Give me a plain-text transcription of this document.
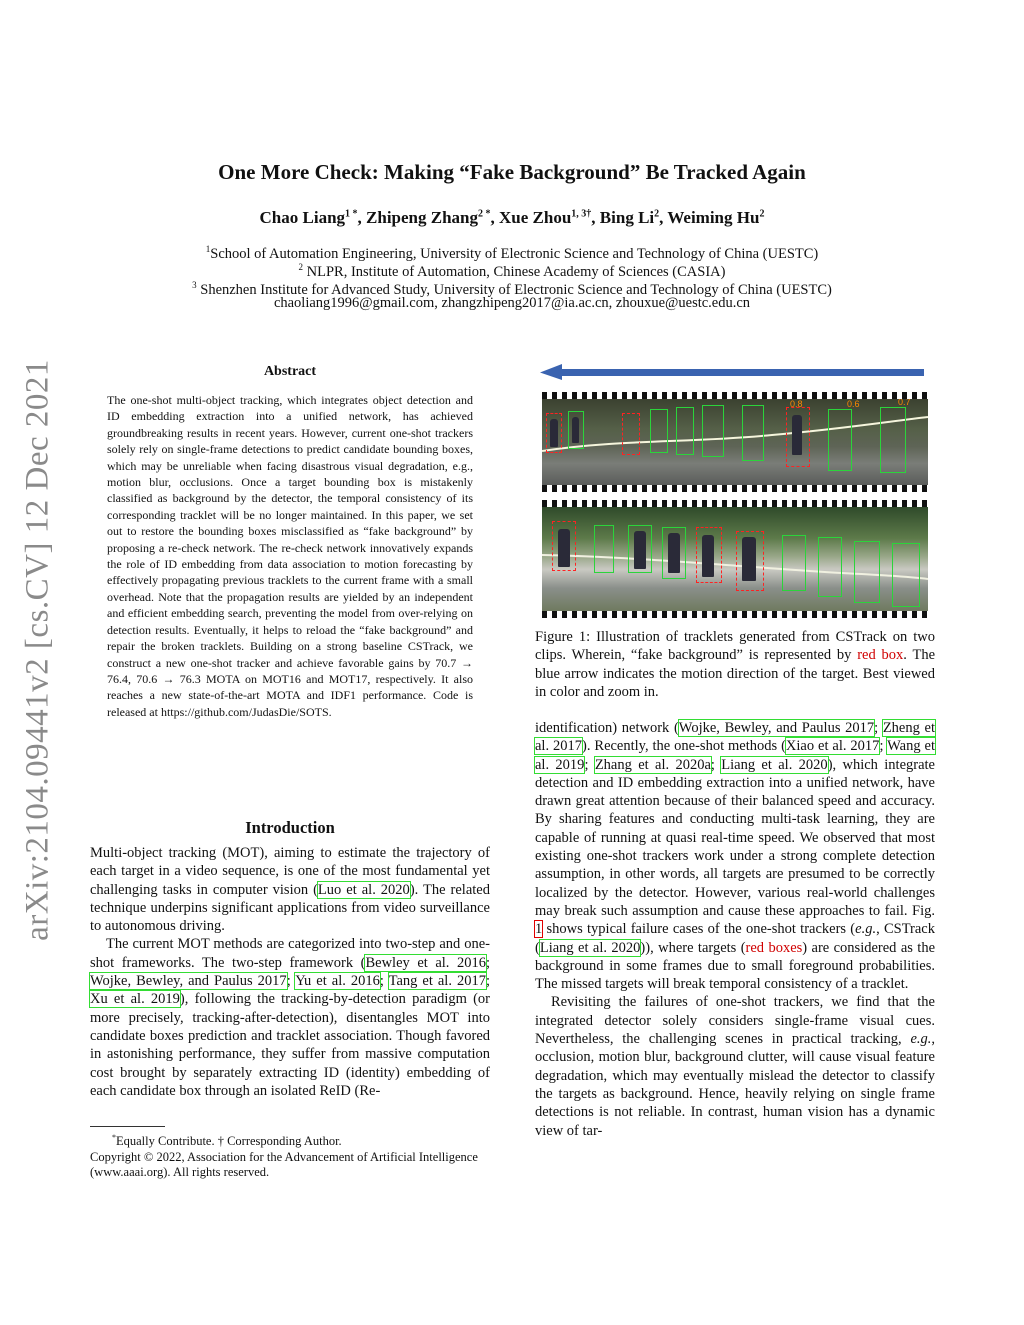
arXiv:2104.09441v2 [cs.CV] 12 Dec 2021
One More Check: Making “Fake Background” Be Tracked Again
Chao Liang$^{1 *}$, Zhipeng Zhang$^{2 *}$, Xue Zhou$^{1, 3\dagger}$, Bing Li$^2$, Weiming Hu$^2$
$^1$School of Automation Engineering, University of Electronic Science and Technology of China (UESTC)
$^2$ NLPR, Institute of Automation, Chinese Academy of Sciences (CASIA)
$^3$ Shenzhen Institute for Advanced Study, University of Electronic Science and Technology of China (UESTC)
chaoliang1996@gmail.com, zhangzhipeng2017@ia.ac.cn, zhouxue@uestc.edu.cn
Abstract
The one-shot multi-object tracking, which integrates object detection and ID embedding extraction into a unified network, has achieved groundbreaking results in recent years. However, current one-shot trackers solely rely on single-frame detections to predict candidate bounding boxes, which may be unreliable when facing disastrous visual degradation, e.g., motion blur, occlusions. Once a target bounding box is mistakenly classified as background by the detector, the temporal consistency of its corresponding tracklet will be no longer maintained. In this paper, we set out to restore the bounding boxes misclassified as “fake background” by proposing a re-check network. The re-check network innovatively expands the role of ID embedding from data association to motion forecasting by effectively propagating previous tracklets to the current frame with a small overhead. Note that the propagation results are yielded by an independent and efficient embedding search, preventing the model from over-relying on detection results. Eventually, it helps to reload the “fake background” and repair the broken tracklets. Building on a strong baseline CSTrack, we construct a new one-shot tracker and achieve favorable gains by 70.7 → 76.4, 70.6 → 76.3 MOTA on MOT16 and MOT17, respectively. It also reaches a new state-of-the-art MOTA and IDF1 performance. Code is released at https://github.com/JudasDie/SOTS.
Introduction

Multi-object tracking (MOT), aiming to estimate the trajectory of each target in a video sequence, is one of the most fundamental yet challenging tasks in computer vision (Luo et al. 2020). The related technique underpins significant applications from video surveillance to autonomous driving.

The current MOT methods are categorized into two-step and one-shot frameworks. The two-step framework (Bewley et al. 2016; Wojke, Bewley, and Paulus 2017; Yu et al. 2016; Tang et al. 2017; Xu et al. 2019), following the tracking-by-detection paradigm (or more precisely, tracking-after-detection), disentangles MOT into candidate boxes prediction and tracklet association. Though favored in astonishing performance, they suffer from massive computation cost brought by separately extracting ID (identity) embedding of each candidate box through an isolated ReID (Re-

*Equally Contribute. † Corresponding Author.
Copyright © 2022, Association for the Advancement of Artificial Intelligence (www.aaai.org). All rights reserved.
0.8	0.6	0.7
Figure 1: Illustration of tracklets generated from CSTrack on two clips. Wherein, “fake background” is represented by red box. The blue arrow indicates the motion direction of the target. Best viewed in color and zoom in.

identification) network (Wojke, Bewley, and Paulus 2017; Zheng et al. 2017). Recently, the one-shot methods (Xiao et al. 2017; Wang et al. 2019; Zhang et al. 2020a; Liang et al. 2020), which integrate detection and ID embedding extraction into a unified network, have drawn great attention because of their balanced speed and accuracy. By sharing features and conducting multi-task learning, they are capable of running at quasi real-time speed. We observed that most existing one-shot trackers work under a strong complete detection assumption, in other words, all targets are presumed to be correctly localized by the detector. However, various real-world challenges may break such assumption and cause these approaches to fail. Fig. 1 shows typical failure cases of the one-shot trackers (e.g., CSTrack (Liang et al. 2020)), where targets (red boxes) are considered as the background in some frames due to small foreground probabilities. The missed targets will break temporal consistency of a tracklet.

Revisiting the failures of one-shot trackers, we find that the integrated detector solely considers single-frame visual cues. Nevertheless, the challenging scenes in practical tracking, e.g., occlusion, motion blur, background clutter, will cause visual feature degradation, which may eventually mislead the detector to classify the targets as background. Hence, heavily relying on single frame detections is not reliable. In contrast, human vision has a dynamic view of tar-
